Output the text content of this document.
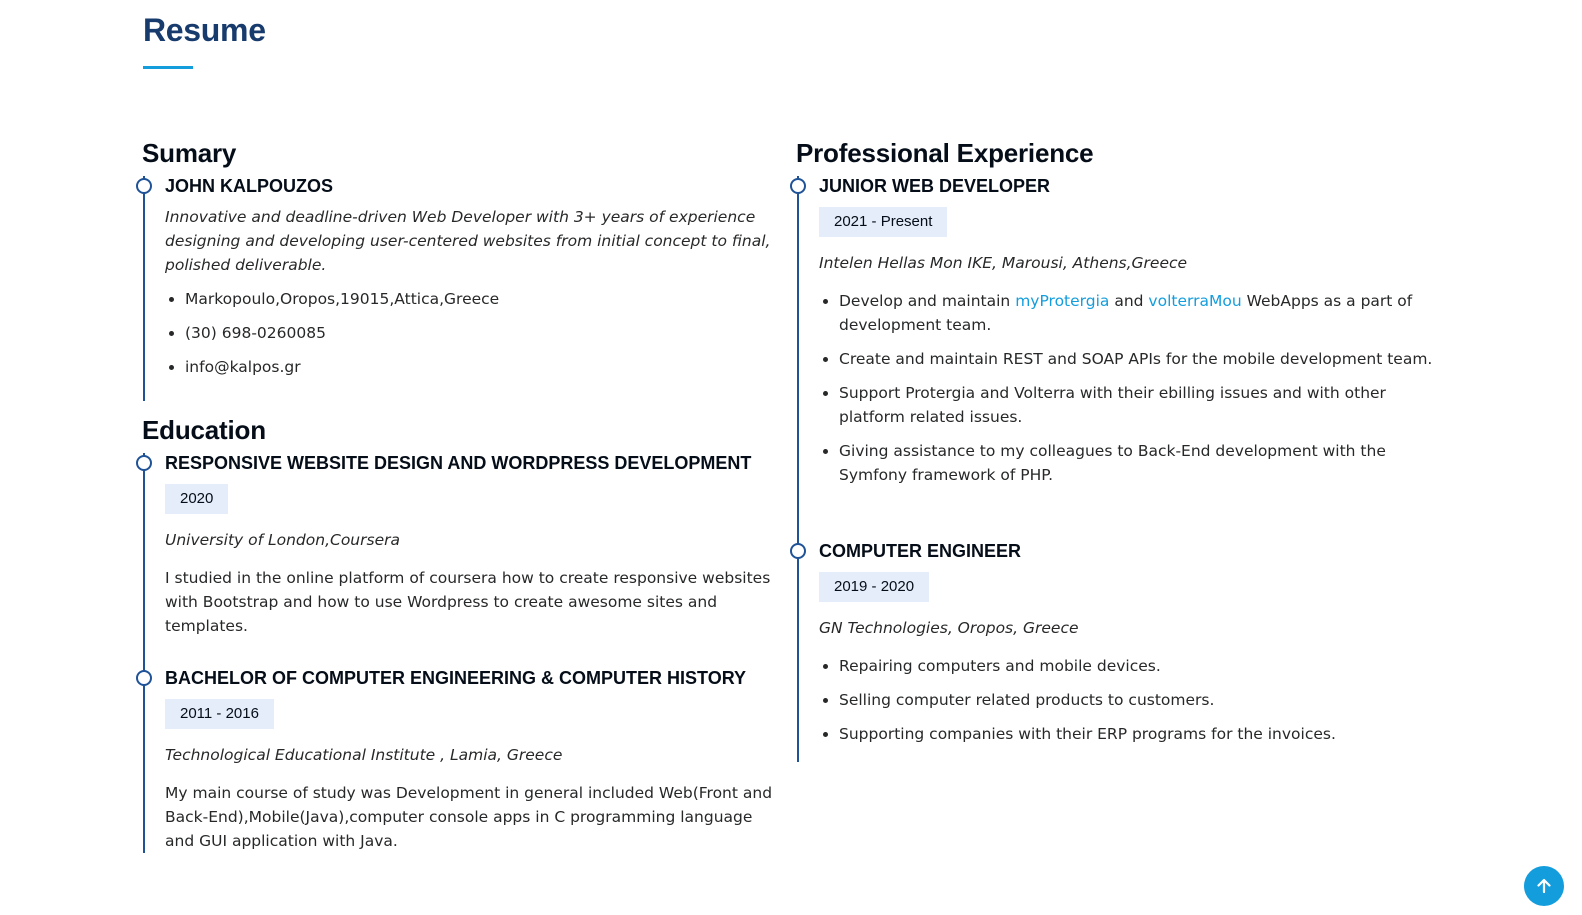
Resume
Sumary
JOHN KALPOUZOS

Innovative and deadline-driven Web Developer with 3+ years of experience designing and developing user-centered websites from initial concept to final, polished deliverable.

• Markopoulo,Oropos,19015,Attica,Greece
• (30) 698-0260085
• info@kalpos.gr
Education
RESPONSIVE WEBSITE DESIGN AND WORDPRESS DEVELOPMENT
2020

University of London,Coursera

I studied in the online platform of coursera how to create responsive websites with Bootstrap and how to use Wordpress to create awesome sites and templates.

BACHELOR OF COMPUTER ENGINEERING & COMPUTER HISTORY
2011 - 2016

Technological Educational Institute , Lamia, Greece

My main course of study was Development in general included Web(Front and Back-End),Mobile(Java),computer console apps in C programming language and GUI application with Java.

Professional Experience
JUNIOR WEB DEVELOPER
2021 - Present

Intelen Hellas Mon IKE, Marousi, Athens,Greece

• Develop and maintain myProtergia and volterraMou WebApps as a part of development team.
• Create and maintain REST and SOAP APIs for the mobile development team.
• Support Protergia and Volterra with their ebilling issues and with other platform related issues.
• Giving assistance to my colleagues to Back-End development with the Symfony framework of PHP.
COMPUTER ENGINEER
2019 - 2020

GN Technologies, Oropos, Greece

• Repairing computers and mobile devices.
• Selling computer related products to customers.
• Supporting companies with their ERP programs for the invoices.
